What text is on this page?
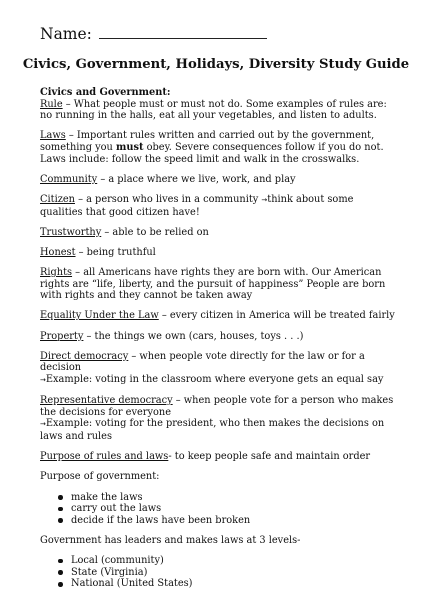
Name:
Civics, Government, Holidays, Diversity Study Guide

Civics and Government:

Rule – What people must or must not do. Some examples of rules are: no running in the halls, eat all your vegetables, and listen to adults.

Laws – Important rules written and carried out by the government, something you must obey. Severe consequences follow if you do not. Laws include: follow the speed limit and walk in the crosswalks.

Community – a place where we live, work, and play

Citizen – a person who lives in a community →think about some qualities that good citizen have!

Trustworthy – able to be relied on

Honest – being truthful

Rights – all Americans have rights they are born with. Our American rights are “life, liberty, and the pursuit of happiness” People are born with rights and they cannot be taken away

Equality Under the Law – every citizen in America will be treated fairly

Property – the things we own (cars, houses, toys . . .)

Direct democracy – when people vote directly for the law or for a decision
→Example: voting in the classroom where everyone gets an equal say

Representative democracy – when people vote for a person who makes the decisions for everyone
→Example: voting for the president, who then makes the decisions on laws and rules

Purpose of rules and laws- to keep people safe and maintain order

Purpose of government:

make the laws
carry out the laws
decide if the laws have been broken

Government has leaders and makes laws at 3 levels-

Local (community)
State (Virginia)
National (United States)
